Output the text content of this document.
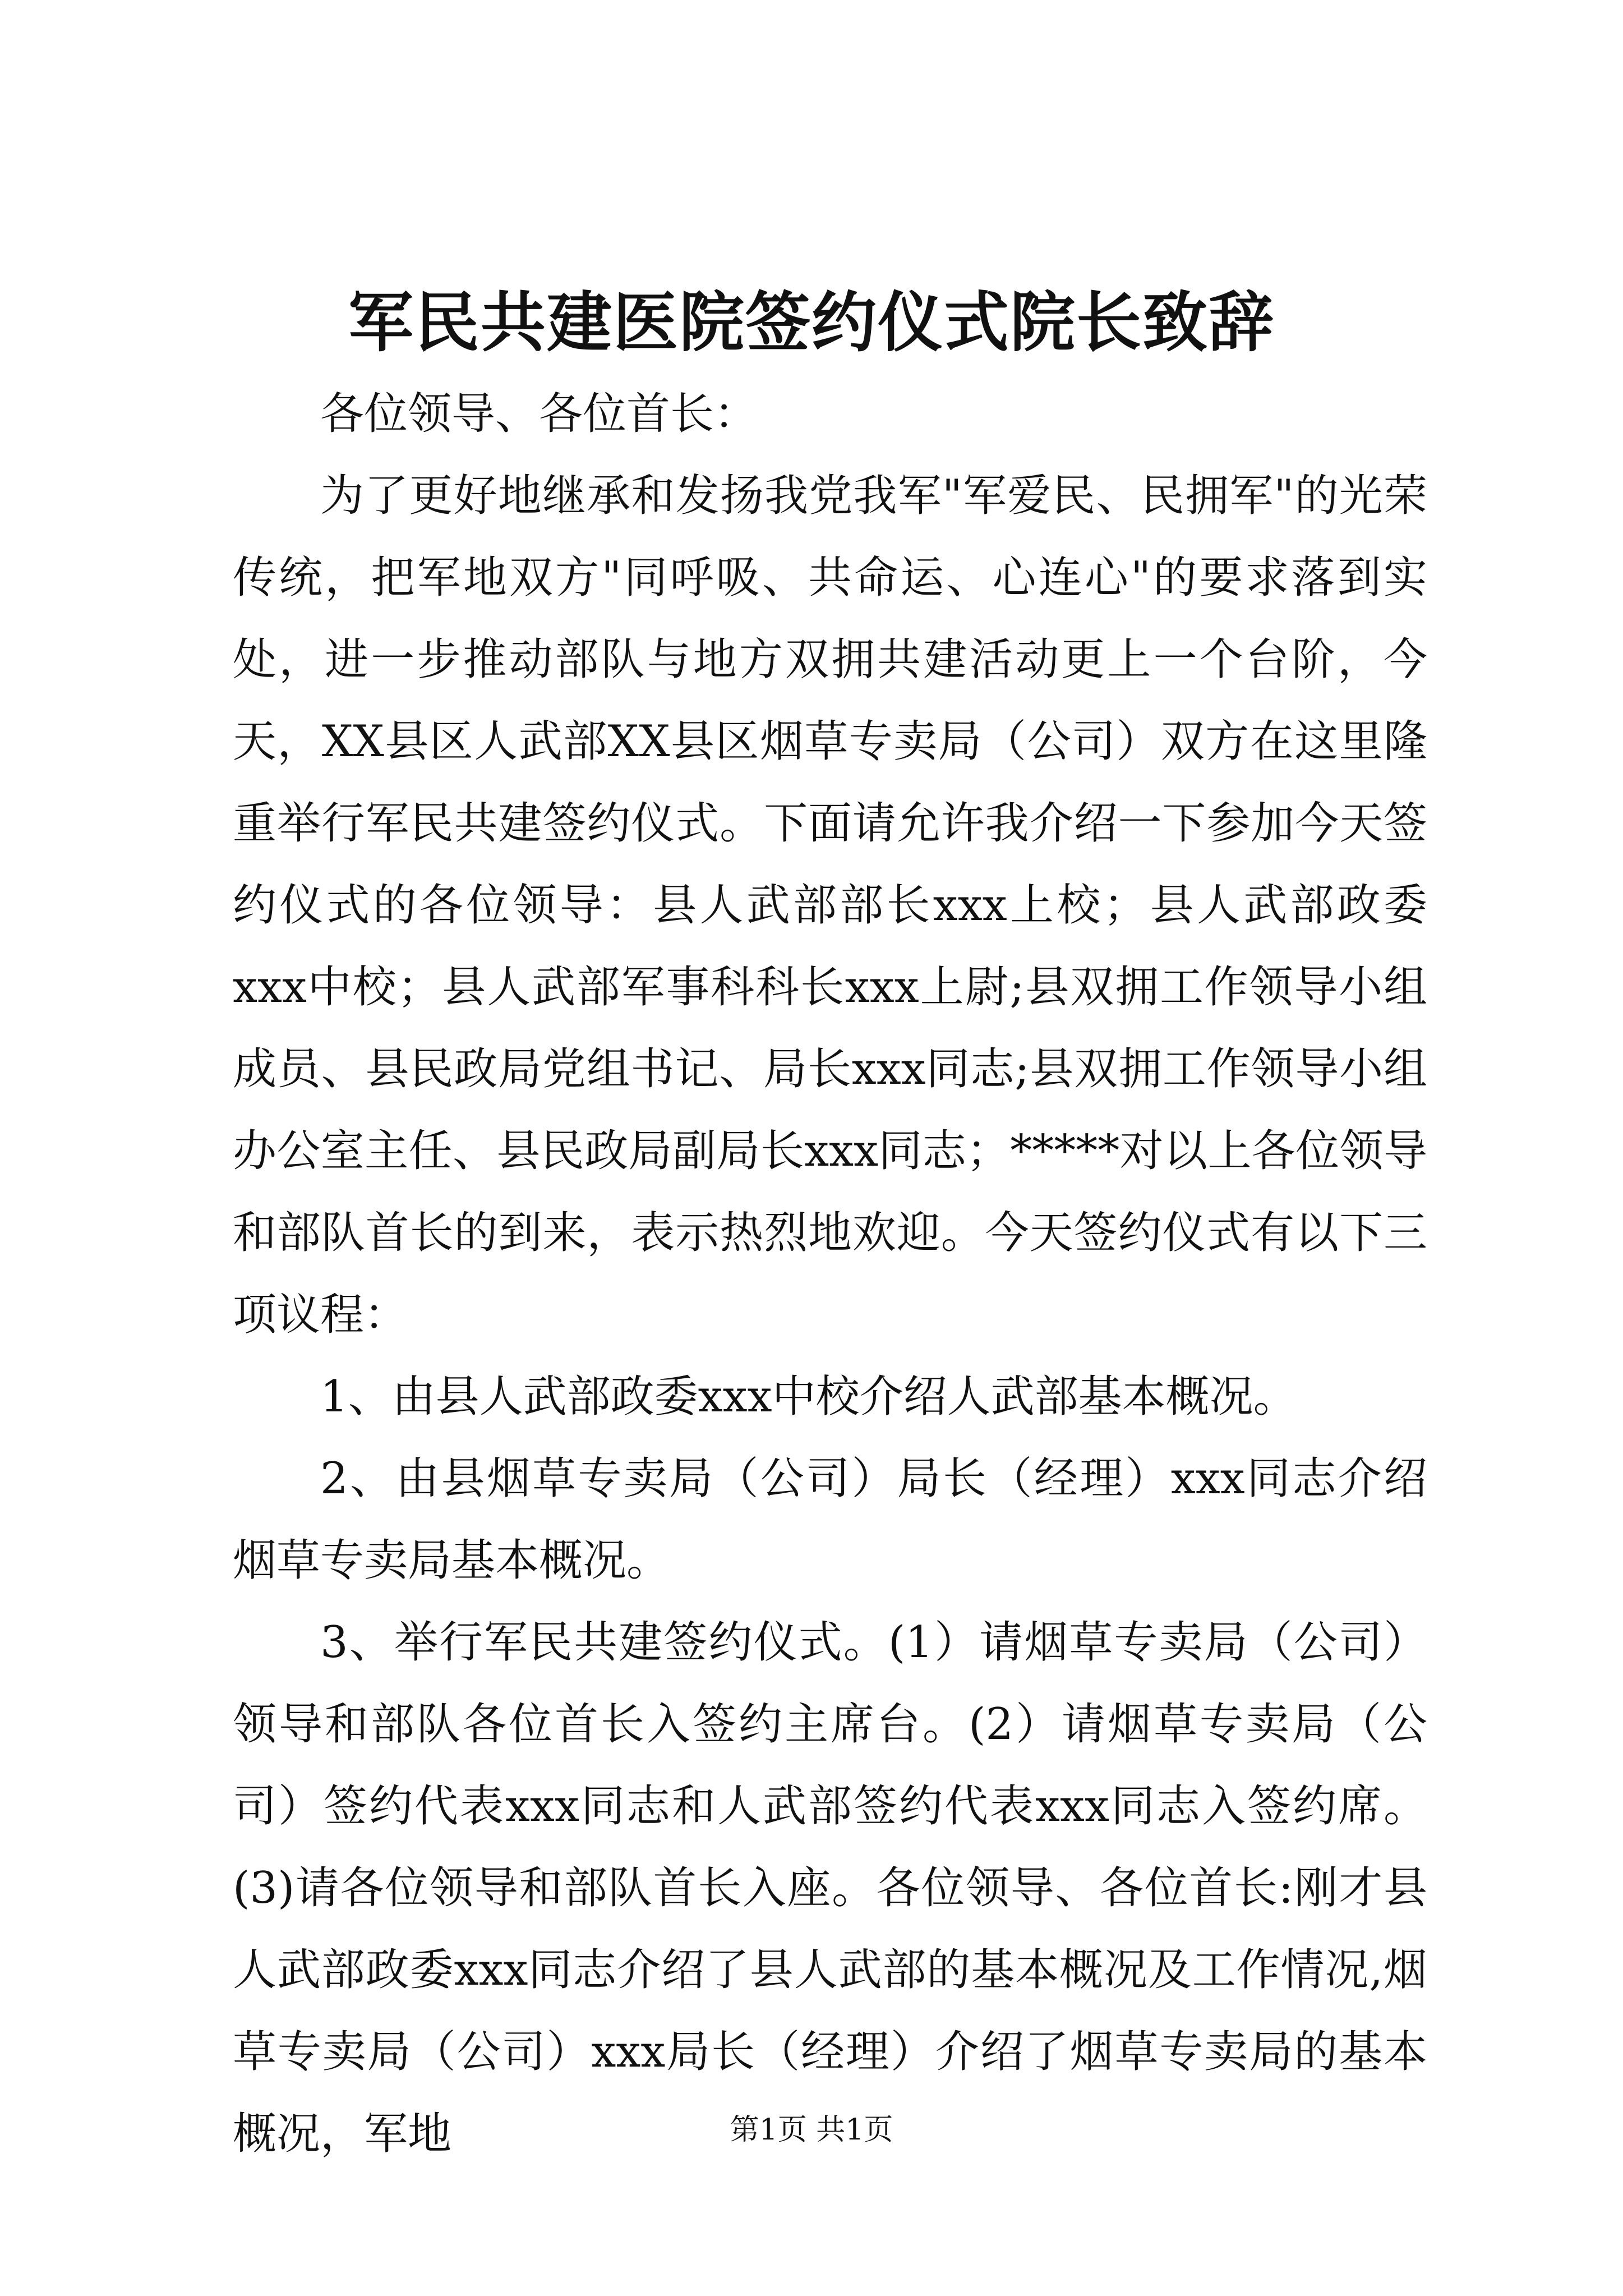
军民共建医院签约仪式院长致辞

各位领导、各位首长：

为了更好地继承和发扬我党我军"军爱民、民拥军"的光荣传统，把军地双方"同呼吸、共命运、心连心"的要求落到实处，进一步推动部队与地方双拥共建活动更上一个台阶，今天，XX县区人武部XX县区烟草专卖局（公司）双方在这里隆重举行军民共建签约仪式。下面请允许我介绍一下参加今天签约仪式的各位领导：县人武部部长xxx上校；县人武部政委xxx中校；县人武部军事科科长xxx上尉;县双拥工作领导小组成员、县民政局党组书记、局长xxx同志;县双拥工作领导小组办公室主任、县民政局副局长xxx同志；*****对以上各位领导和部队首长的到来，表示热烈地欢迎。今天签约仪式有以下三项议程：

1、由县人武部政委xxx中校介绍人武部基本概况。

2、由县烟草专卖局（公司）局长（经理）xxx同志介绍烟草专卖局基本概况。

3、举行军民共建签约仪式。(1）请烟草专卖局（公司）领导和部队各位首长入签约主席台。(2）请烟草专卖局（公司）签约代表xxx同志和人武部签约代表xxx同志入签约席。(3)请各位领导和部队首长入座。各位领导、各位首长:刚才县人武部政委xxx同志介绍了县人武部的基本概况及工作情况,烟草专卖局（公司）xxx局长（经理）介绍了烟草专卖局的基本概况，军地	第1页 共1页
